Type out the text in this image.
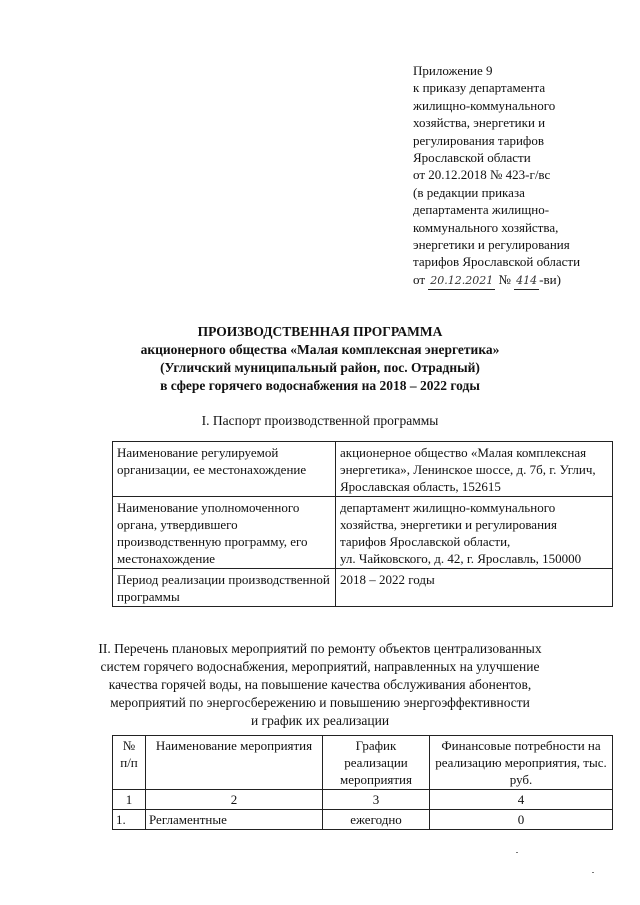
Приложение 9
к приказу департамента
жилищно-коммунального
хозяйства, энергетики и
регулирования тарифов
Ярославской области
от 20.12.2018 № 423-г/вс
(в редакции приказа
департамента жилищно-
коммунального хозяйства,
энергетики и регулирования
тарифов Ярославской области
от 20.12.2021 № 414 -ви)
ПРОИЗВОДСТВЕННАЯ ПРОГРАММА
акционерного общества «Малая комплексная энергетика»
(Угличский муниципальный район, пос. Отрадный)
в сфере горячего водоснабжения на 2018 – 2022 годы
I. Паспорт производственной программы
Наименование регулируемой организации, ее местонахождение	акционерное общество «Малая комплексная энергетика», Ленинское шоссе, д. 7б, г. Углич, Ярославская область, 152615
Наименование уполномоченного органа, утвердившего производственную программу, его местонахождение	департамент жилищно-коммунального
хозяйства, энергетики и регулирования
тарифов Ярославской области,
ул. Чайковского, д. 42, г. Ярославль, 150000

Период реализации производственной программы	2018 – 2022 годы
II. Перечень плановых мероприятий по ремонту объектов централизованных
систем горячего водоснабжения, мероприятий, направленных на улучшение
качества горячей воды, на повышение качества обслуживания абонентов,
мероприятий по энергосбережению и повышению энергоэффективности
и график их реализации
№ п/п	Наименование мероприятия	График реализации мероприятия	Финансовые потребности на реализацию мероприятия, тыс. руб.
1	2	3	4
1.	Регламентные	ежегодно	0
